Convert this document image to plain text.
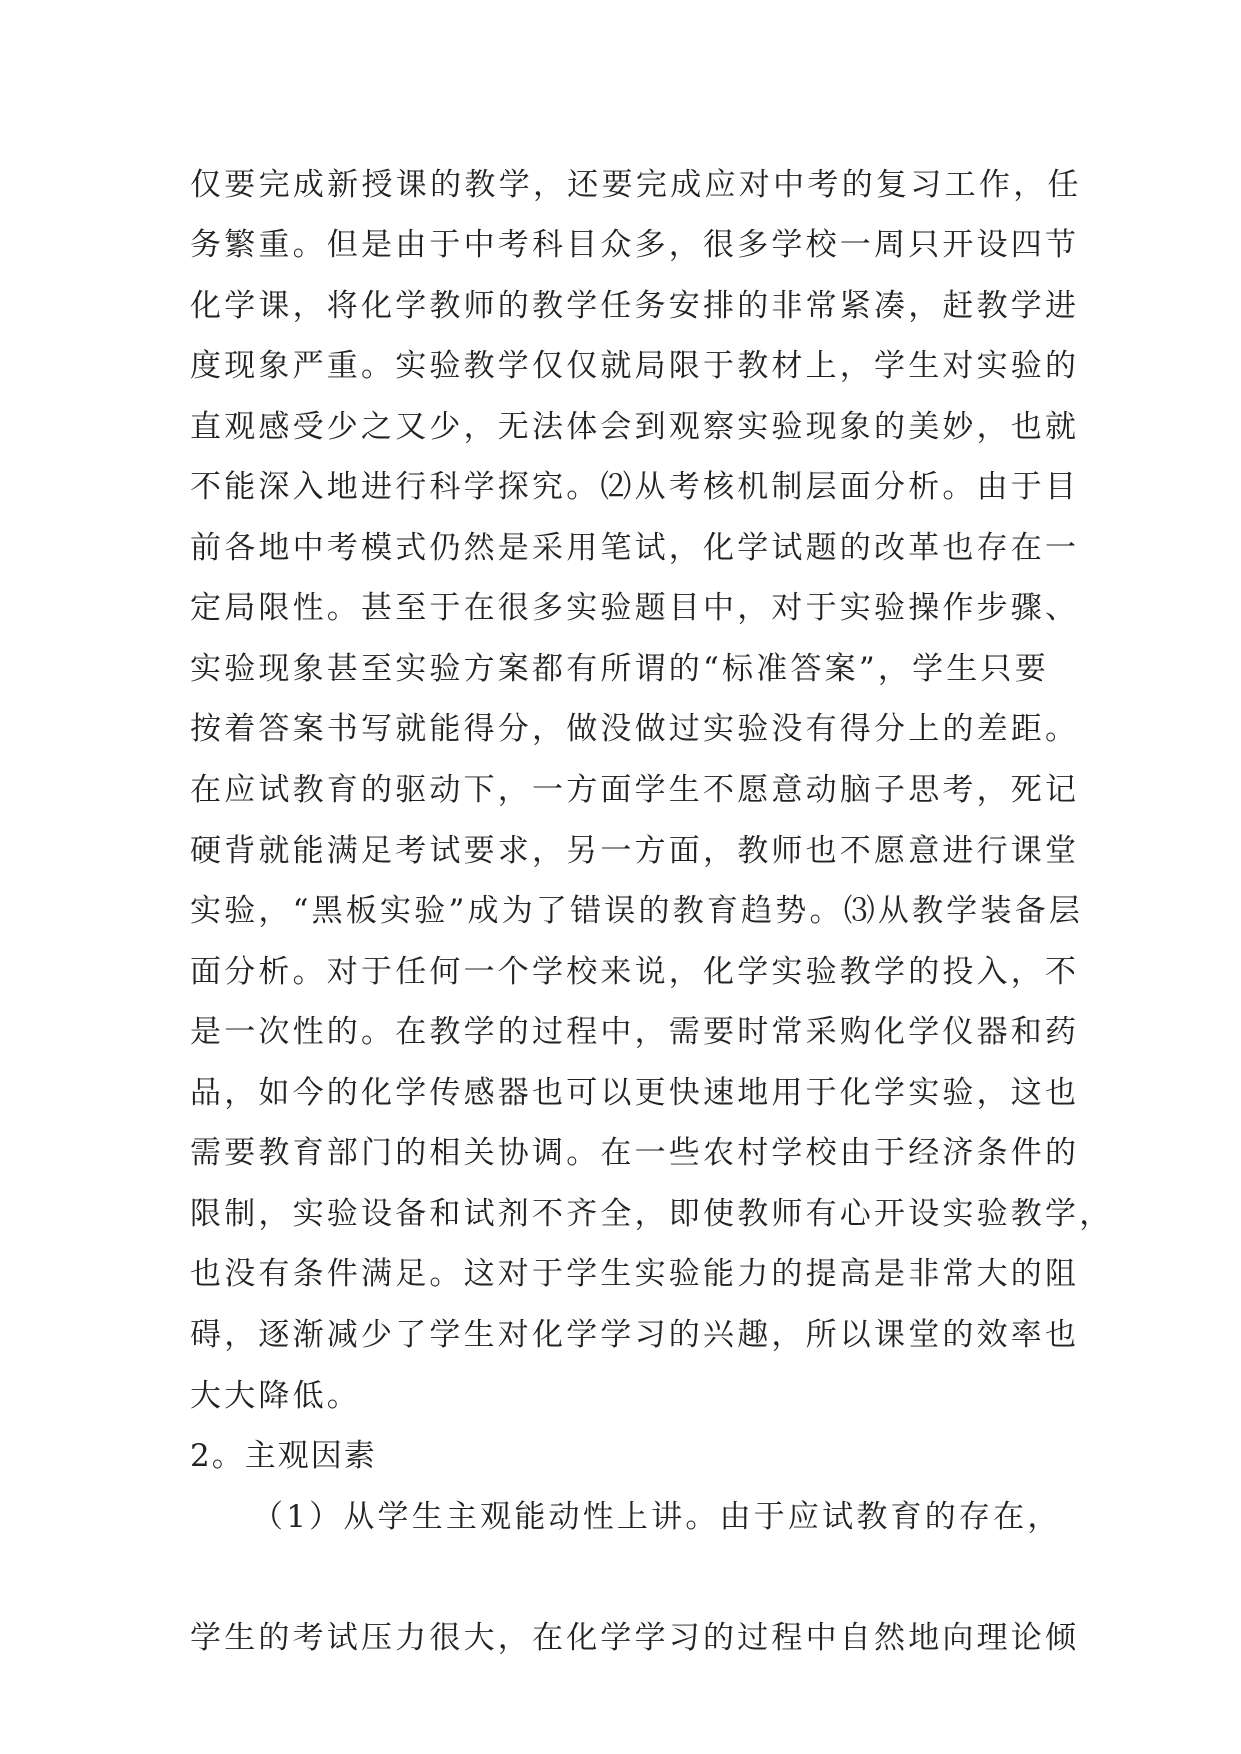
仅要完成新授课的教学，还要完成应对中考的复习工作，任
务繁重。但是由于中考科目众多，很多学校一周只开设四节
化学课，将化学教师的教学任务安排的非常紧凑，赶教学进
度现象严重。实验教学仅仅就局限于教材上，学生对实验的
直观感受少之又少，无法体会到观察实验现象的美妙，也就
不能深入地进行科学探究。⑵从考核机制层面分析。由于目
前各地中考模式仍然是采用笔试，化学试题的改革也存在一
定局限性。甚至于在很多实验题目中，对于实验操作步骤、
实验现象甚至实验方案都有所谓的“标准答案”，学生只要
按着答案书写就能得分，做没做过实验没有得分上的差距。
在应试教育的驱动下，一方面学生不愿意动脑子思考，死记
硬背就能满足考试要求，另一方面，教师也不愿意进行课堂
实验，“黑板实验”成为了错误的教育趋势。⑶从教学装备层
面分析。对于任何一个学校来说，化学实验教学的投入，不
是一次性的。在教学的过程中，需要时常采购化学仪器和药
品，如今的化学传感器也可以更快速地用于化学实验，这也
需要教育部门的相关协调。在一些农村学校由于经济条件的
限制，实验设备和试剂不齐全，即使教师有心开设实验教学，
也没有条件满足。这对于学生实验能力的提高是非常大的阻
碍，逐渐减少了学生对化学学习的兴趣，所以课堂的效率也
大大降低。
2。主观因素
（1）从学生主观能动性上讲。由于应试教育的存在，
学生的考试压力很大，在化学学习的过程中自然地向理论倾
